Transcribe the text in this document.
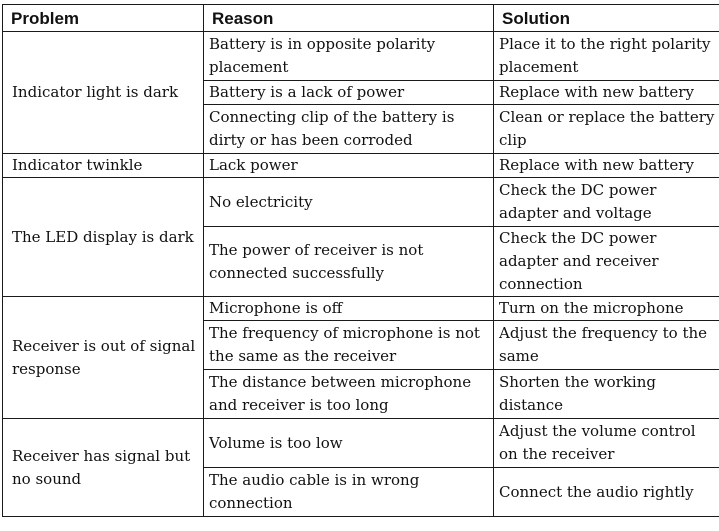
Problem	Reason	Solution
Indicator light is dark	Battery is in opposite polarity placement	Place it to the right polarity placement
	Battery is a lack of power	Replace with new battery
	Connecting clip of the battery is dirty or has been corroded	Clean or replace the battery clip
Indicator twinkle	Lack power	Replace with new battery
The LED display is dark	No electricity	Check the DC power adapter and voltage
	The power of receiver is not connected successfully	Check the DC power adapter and receiver connection
Receiver is out of signal response	Microphone is off	Turn on the microphone
	The frequency of microphone is not the same as the receiver	Adjust the frequency to the same
	The distance between microphone and receiver is too long	Shorten the working distance
Receiver has signal but no sound	Volume is too low	Adjust the volume control on the receiver
	The audio cable is in wrong connection	Connect the audio rightly
